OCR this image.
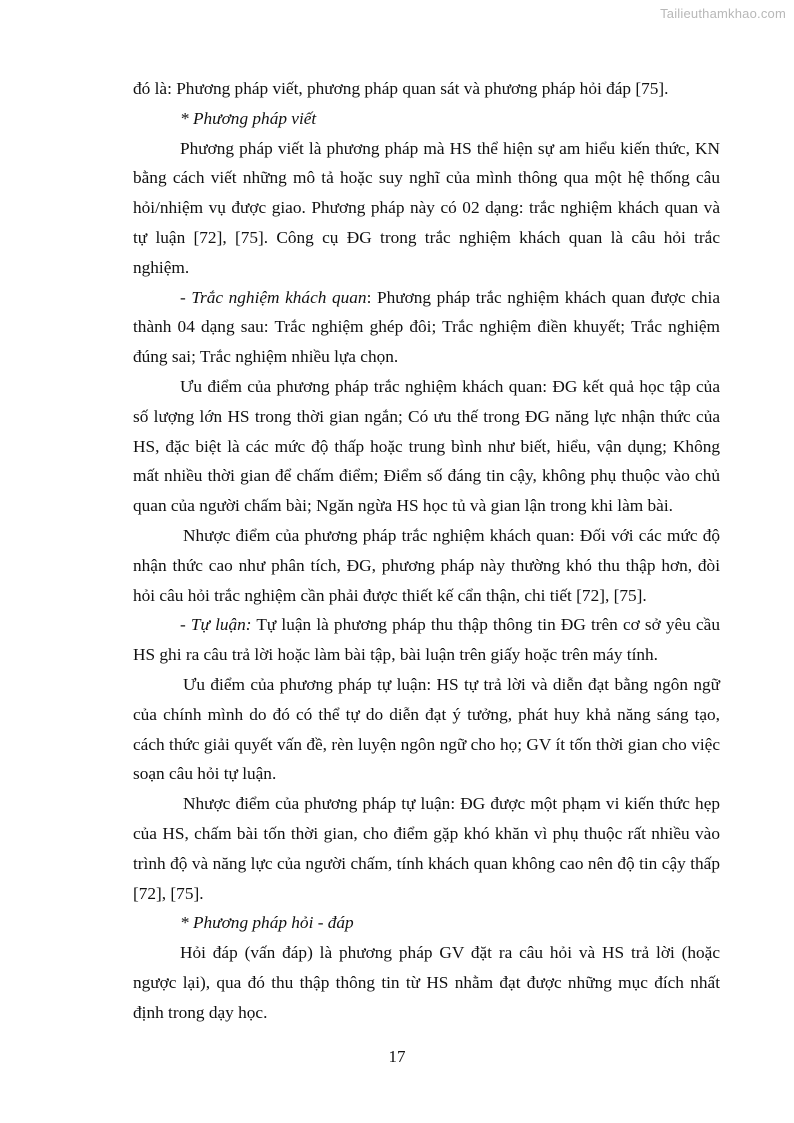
Tailieuthamkhao.com

đó là: Phương pháp viết, phương pháp quan sát và phương pháp hỏi đáp [75].

* Phương pháp viết

Phương pháp viết là phương pháp mà HS thể hiện sự am hiểu kiến thức, KN bằng cách viết những mô tả hoặc suy nghĩ của mình thông qua một hệ thống câu hỏi/nhiệm vụ được giao. Phương pháp này có 02 dạng: trắc nghiệm khách quan và tự luận [72], [75]. Công cụ ĐG trong trắc nghiệm khách quan là câu hỏi trắc nghiệm.

- Trắc nghiệm khách quan: Phương pháp trắc nghiệm khách quan được chia thành 04 dạng sau: Trắc nghiệm ghép đôi; Trắc nghiệm điền khuyết; Trắc nghiệm đúng sai; Trắc nghiệm nhiều lựa chọn.

Ưu điểm của phương pháp trắc nghiệm khách quan: ĐG kết quả học tập của số lượng lớn HS trong thời gian ngắn; Có ưu thế trong ĐG năng lực nhận thức của HS, đặc biệt là các mức độ thấp hoặc trung bình như biết, hiểu, vận dụng; Không mất nhiều thời gian để chấm điểm; Điểm số đáng tin cậy, không phụ thuộc vào chủ quan của người chấm bài; Ngăn ngừa HS học tủ và gian lận trong khi làm bài.

Nhược điểm của phương pháp trắc nghiệm khách quan: Đối với các mức độ nhận thức cao như phân tích, ĐG, phương pháp này thường khó thu thập hơn, đòi hỏi câu hỏi trắc nghiệm cần phải được thiết kế cẩn thận, chi tiết [72], [75].

- Tự luận: Tự luận là phương pháp thu thập thông tin ĐG trên cơ sở yêu cầu HS ghi ra câu trả lời hoặc làm bài tập, bài luận trên giấy hoặc trên máy tính.

Ưu điểm của phương pháp tự luận: HS tự trả lời và diễn đạt bằng ngôn ngữ của chính mình do đó có thể tự do diễn đạt ý tưởng, phát huy khả năng sáng tạo, cách thức giải quyết vấn đề, rèn luyện ngôn ngữ cho họ; GV ít tốn thời gian cho việc soạn câu hỏi tự luận.

Nhược điểm của phương pháp tự luận: ĐG được một phạm vi kiến thức hẹp của HS, chấm bài tốn thời gian, cho điểm gặp khó khăn vì phụ thuộc rất nhiều vào trình độ và năng lực của người chấm, tính khách quan không cao nên độ tin cậy thấp [72], [75].

* Phương pháp hỏi - đáp

Hỏi đáp (vấn đáp) là phương pháp GV đặt ra câu hỏi và HS trả lời (hoặc ngược lại), qua đó thu thập thông tin từ HS nhằm đạt được những mục đích nhất định trong dạy học.

17
